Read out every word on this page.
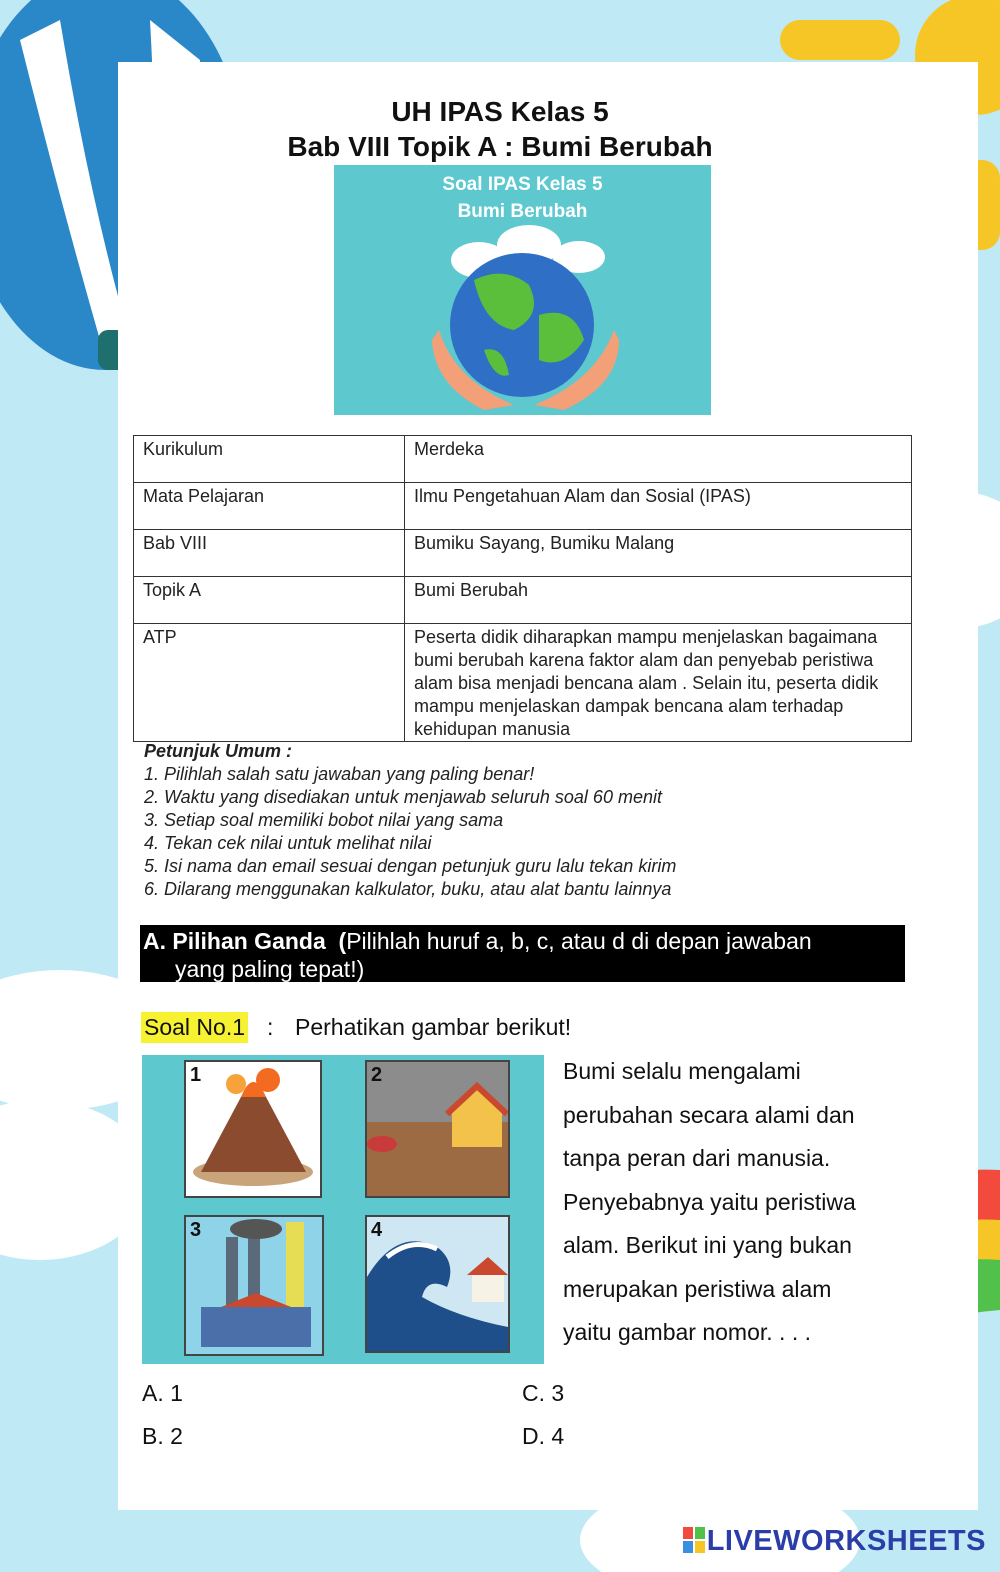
UH IPAS Kelas 5
Bab VIII Topik A : Bumi Berubah
Soal IPAS Kelas 5
Bumi Berubah
Kurikulum	Merdeka
Mata Pelajaran	Ilmu Pengetahuan Alam dan Sosial (IPAS)
Bab VIII	Bumiku Sayang, Bumiku Malang
Topik A	Bumi Berubah
ATP	Peserta didik diharapkan mampu menjelaskan bagaimana bumi berubah karena faktor alam dan penyebab peristiwa alam bisa menjadi bencana alam . Selain itu, peserta didik mampu menjelaskan dampak bencana alam terhadap kehidupan manusia
Petunjuk Umum :
1. Pilihlah salah satu jawaban yang paling benar!
2. Waktu yang disediakan untuk menjawab seluruh soal 60 menit
3. Setiap soal memiliki bobot nilai yang sama
4. Tekan cek nilai untuk melihat nilai
5. Isi nama dan email sesuai dengan petunjuk guru lalu tekan kirim
6. Dilarang menggunakan kalkulator, buku, atau alat bantu lainnya
A. Pilihan Ganda (Pilihlah huruf a, b, c, atau d di depan jawaban
yang paling tepat!)
Soal No.1 : Perhatikan gambar berikut!
1	2
3	4
Bumi selalu mengalami
perubahan secara alami dan
tanpa peran dari manusia.
Penyebabnya yaitu peristiwa
alam. Berikut ini yang bukan
merupakan peristiwa alam
yaitu gambar nomor. . . .
A. 1	C. 3
B. 2	D. 4
LIVEWORKSHEETS
